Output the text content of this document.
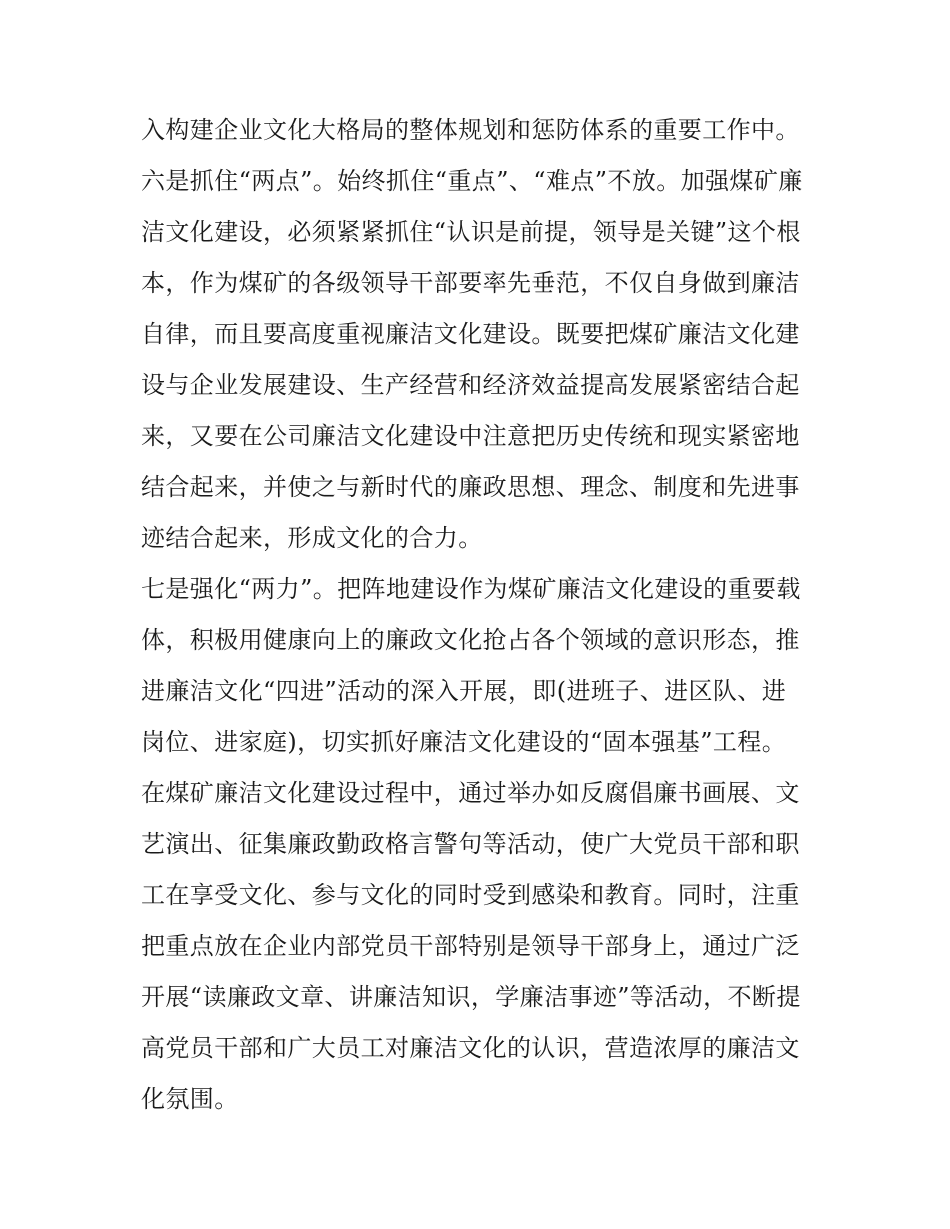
入构建企业文化大格局的整体规划和惩防体系的重要工作中。
六是抓住“两点”。始终抓住“重点”、“难点”不放。加强煤矿廉
洁文化建设，必须紧紧抓住“认识是前提，领导是关键”这个根
本，作为煤矿的各级领导干部要率先垂范，不仅自身做到廉洁
自律，而且要高度重视廉洁文化建设。既要把煤矿廉洁文化建
设与企业发展建设、生产经营和经济效益提高发展紧密结合起
来，又要在公司廉洁文化建设中注意把历史传统和现实紧密地
结合起来，并使之与新时代的廉政思想、理念、制度和先进事
迹结合起来，形成文化的合力。
七是强化“两力”。把阵地建设作为煤矿廉洁文化建设的重要载
体，积极用健康向上的廉政文化抢占各个领域的意识形态，推
进廉洁文化“四进”活动的深入开展，即(进班子、进区队、进
岗位、进家庭)，切实抓好廉洁文化建设的“固本强基”工程。
在煤矿廉洁文化建设过程中，通过举办如反腐倡廉书画展、文
艺演出、征集廉政勤政格言警句等活动，使广大党员干部和职
工在享受文化、参与文化的同时受到感染和教育。同时，注重
把重点放在企业内部党员干部特别是领导干部身上，通过广泛
开展“读廉政文章、讲廉洁知识，学廉洁事迹”等活动，不断提
高党员干部和广大员工对廉洁文化的认识，营造浓厚的廉洁文
化氛围。
